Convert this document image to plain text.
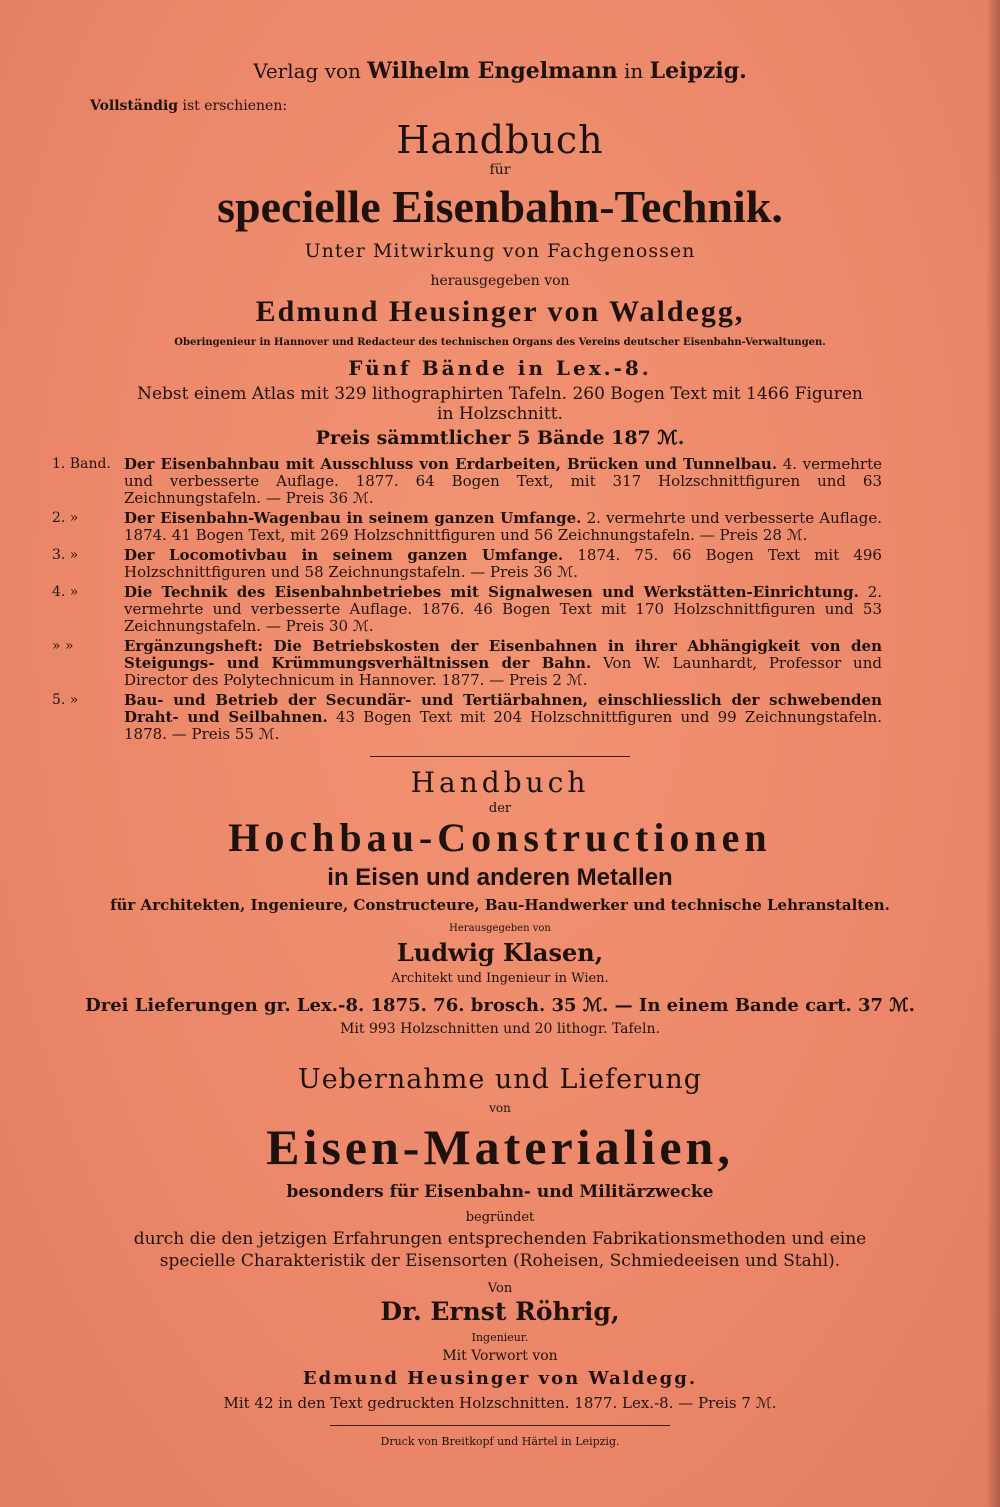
Verlag von Wilhelm Engelmann in Leipzig.
Vollständig ist erschienen:
Handbuch
für
specielle Eisenbahn-Technik.
Unter Mitwirkung von Fachgenossen
herausgegeben von
Edmund Heusinger von Waldegg,
Oberingenieur in Hannover und Redacteur des technischen Organs des Vereins deutscher Eisenbahn-Verwaltungen.
Fünf Bände in Lex.-8.
Nebst einem Atlas mit 329 lithographirten Tafeln. 260 Bogen Text mit 1466 Figuren
in Holzschnitt.
Preis sämmtlicher 5 Bände 187 ℳ.
1. Band. Der Eisenbahnbau mit Ausschluss von Erdarbeiten, Brücken und Tunnelbau. 4. vermehrte und verbesserte Auflage. 1877. 64 Bogen Text, mit 317 Holzschnittfiguren und 63 Zeichnungstafeln. — Preis 36 ℳ.
2. »	Der Eisenbahn-Wagenbau in seinem ganzen Umfange. 2. vermehrte und verbesserte Auflage. 1874. 41 Bogen Text, mit 269 Holzschnittfiguren und 56 Zeichnungstafeln. — Preis 28 ℳ.
3. »	Der Locomotivbau in seinem ganzen Umfange. 1874. 75. 66 Bogen Text mit 496 Holzschnittfiguren und 58 Zeichnungstafeln. — Preis 36 ℳ.
4. »	Die Technik des Eisenbahnbetriebes mit Signalwesen und Werkstätten-Einrichtung. 2. vermehrte und verbesserte Auflage. 1876. 46 Bogen Text mit 170 Holzschnittfiguren und 53 Zeichnungstafeln. — Preis 30 ℳ.
» »	Ergänzungsheft: Die Betriebskosten der Eisenbahnen in ihrer Abhängigkeit von den Steigungs- und Krümmungsverhältnissen der Bahn. Von W. Launhardt, Professor und Director des Polytechnicum in Hannover. 1877. — Preis 2 ℳ.
5. »	Bau- und Betrieb der Secundär- und Tertiärbahnen, einschliesslich der schwebenden Draht- und Seilbahnen. 43 Bogen Text mit 204 Holzschnittfiguren und 99 Zeichnungstafeln. 1878. — Preis 55 ℳ.
Handbuch
der
Hochbau-Constructionen
in Eisen und anderen Metallen
für Architekten, Ingenieure, Constructeure, Bau-Handwerker und technische Lehranstalten.
Herausgegeben von
Ludwig Klasen,
Architekt und Ingenieur in Wien.
Drei Lieferungen gr. Lex.-8. 1875. 76. brosch. 35 ℳ. — In einem Bande cart. 37 ℳ.
Mit 993 Holzschnitten und 20 lithogr. Tafeln.
Uebernahme und Lieferung
von
Eisen-Materialien,
besonders für Eisenbahn- und Militärzwecke
begründet
durch die den jetzigen Erfahrungen entsprechenden Fabrikationsmethoden und eine
specielle Charakteristik der Eisensorten (Roheisen, Schmiedeeisen und Stahl).
Von
Dr. Ernst Röhrig,
Ingenieur.
Mit Vorwort von
Edmund Heusinger von Waldegg.
Mit 42 in den Text gedruckten Holzschnitten. 1877. Lex.-8. — Preis 7 ℳ.
Druck von Breitkopf und Härtel in Leipzig.
